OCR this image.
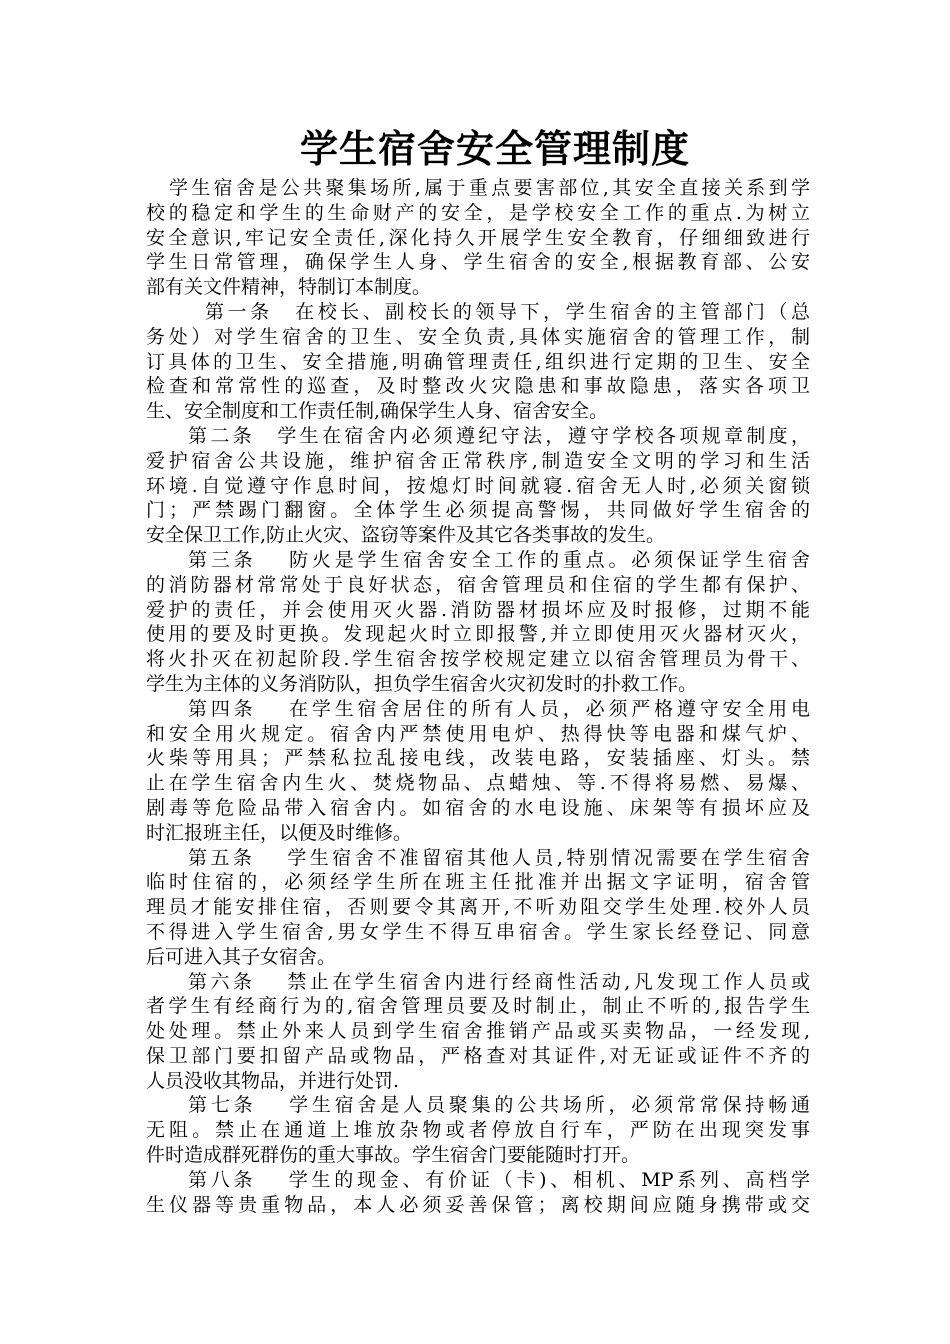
学生宿舍安全管理制度
学生宿舍是公共聚集场所,属于重点要害部位,其安全直接关系到学
校的稳定和学生的生命财产的安全，是学校安全工作的重点.为树立
安全意识,牢记安全责任,深化持久开展学生安全教育，仔细细致进行
学生日常管理，确保学生人身、学生宿舍的安全,根据教育部、公安
部有关文件精神，特制订本制度。
第一条　在校长、副校长的领导下，学生宿舍的主管部门（总
务处）对学生宿舍的卫生、安全负责,具体实施宿舍的管理工作，制
订具体的卫生、安全措施,明确管理责任,组织进行定期的卫生、安全
检查和常常性的巡查，及时整改火灾隐患和事故隐患，落实各项卫
生、安全制度和工作责任制,确保学生人身、宿舍安全。
第二条　学生在宿舍内必须遵纪守法，遵守学校各项规章制度，
爱护宿舍公共设施，维护宿舍正常秩序,制造安全文明的学习和生活
环境.自觉遵守作息时间，按熄灯时间就寝.宿舍无人时,必须关窗锁
门；严禁踢门翻窗。全体学生必须提高警惕，共同做好学生宿舍的
安全保卫工作,防止火灾、盗窃等案件及其它各类事故的发生。
第三条　 防火是学生宿舍安全工作的重点。必须保证学生宿舍
的消防器材常常处于良好状态，宿舍管理员和住宿的学生都有保护、
爱护的责任，并会使用灭火器.消防器材损坏应及时报修，过期不能
使用的要及时更换。发现起火时立即报警,并立即使用灭火器材灭火，
将火扑灭在初起阶段.学生宿舍按学校规定建立以宿舍管理员为骨干、
学生为主体的义务消防队，担负学生宿舍火灾初发时的扑救工作。
第四条　 在学生宿舍居住的所有人员，必须严格遵守安全用电
和安全用火规定。宿舍内严禁使用电炉、热得快等电器和煤气炉、
火柴等用具；严禁私拉乱接电线，改装电路，安装插座、灯头。禁
止在学生宿舍内生火、焚烧物品、点蜡烛、等.不得将易燃、易爆、
剧毒等危险品带入宿舍内。如宿舍的水电设施、床架等有损坏应及
时汇报班主任，以便及时维修。
第五条　 学生宿舍不准留宿其他人员,特别情况需要在学生宿舍
临时住宿的，必须经学生所在班主任批准并出据文字证明，宿舍管
理员才能安排住宿，否则要令其离开,不听劝阻交学生处理.校外人员
不得进入学生宿舍,男女学生不得互串宿舍。学生家长经登记、同意
后可进入其子女宿舍。
第六条　 禁止在学生宿舍内进行经商性活动,凡发现工作人员或
者学生有经商行为的,宿舍管理员要及时制止，制止不听的,报告学生
处处理。禁止外来人员到学生宿舍推销产品或买卖物品，一经发现,
保卫部门要扣留产品或物品，严格查对其证件,对无证或证件不齐的
人员没收其物品，并进行处罚.
第七条　 学生宿舍是人员聚集的公共场所，必须常常保持畅通
无阻。禁止在通道上堆放杂物或者停放自行车，严防在出现突发事
件时造成群死群伤的重大事故。学生宿舍门要能随时打开。
第八条　 学生的现金、有价证（卡)、相机、MP系列、高档学
生仪器等贵重物品，本人必须妥善保管；离校期间应随身携带或交
